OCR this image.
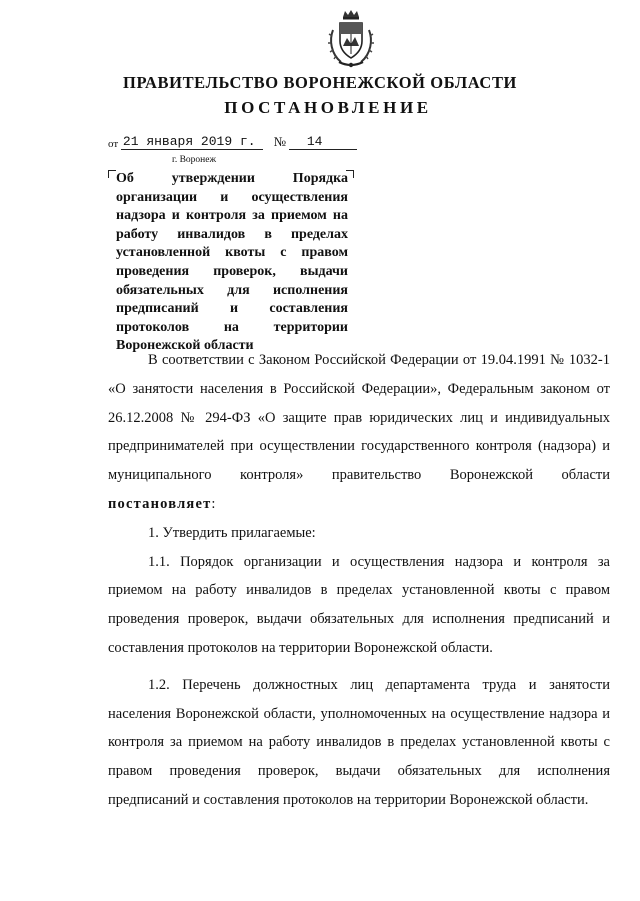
ПРАВИТЕЛЬСТВО ВОРОНЕЖСКОЙ ОБЛАСТИ
ПОСТАНОВЛЕНИЕ
от 21 января 2019 г. № 14
г. Воронеж
Об утверждении Порядка организации и осуществления надзора и контроля за приемом на работу инвалидов в пределах установленной квоты с правом проведения проверок, выдачи обязательных для исполнения предписаний и составления протоколов на территории Воронежской области

В соответствии с Законом Российской Федерации от 19.04.1991 № 1032-1 «О занятости населения в Российской Федерации», Федеральным законом от 26.12.2008 № 294-ФЗ «О защите прав юридических лиц и индивидуальных предпринимателей при осуществлении государственного контроля (надзора) и муниципального контроля» правительство Воронежской области постановляет:

1. Утвердить прилагаемые:

1.1. Порядок организации и осуществления надзора и контроля за приемом на работу инвалидов в пределах установленной квоты с правом проведения проверок, выдачи обязательных для исполнения предписаний и составления протоколов на территории Воронежской области.

1.2. Перечень должностных лиц департамента труда и занятости населения Воронежской области, уполномоченных на осуществление надзора и контроля за приемом на работу инвалидов в пределах установленной квоты с правом проведения проверок, выдачи обязательных для исполнения предписаний и составления протоколов на территории Воронежской области.
